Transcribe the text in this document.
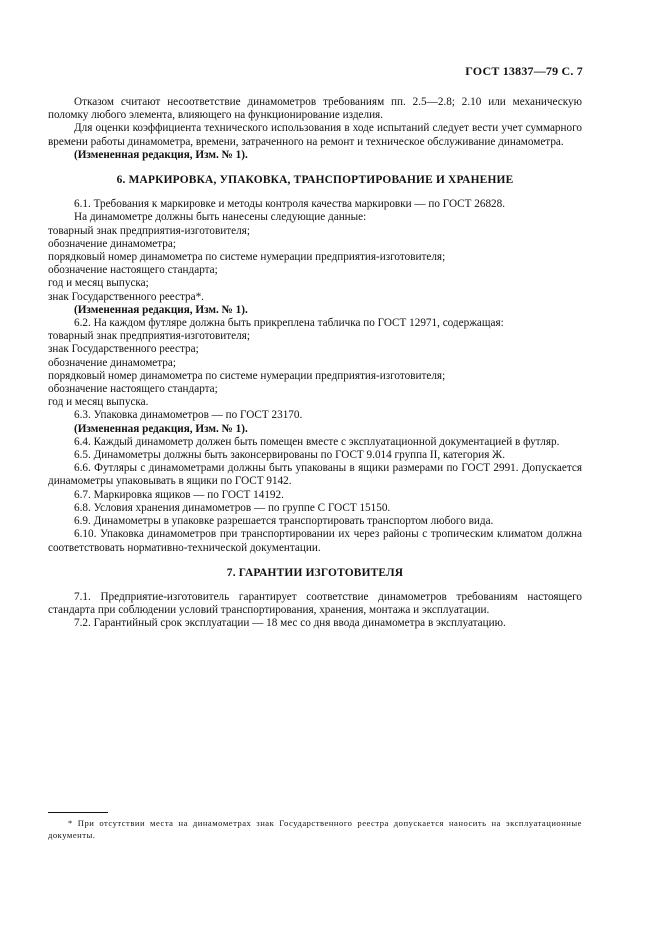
ГОСТ 13837—79 С. 7

Отказом считают несоответствие динамометров требованиям пп. 2.5—2.8; 2.10 или механическую поломку любого элемента, влияющего на функционирование изделия.

Для оценки коэффициента технического использования в ходе испытаний следует вести учет суммарного времени работы динамометра, времени, затраченного на ремонт и техническое обслуживание динамометра.

(Измененная редакция, Изм. № 1).

6. МАРКИРОВКА, УПАКОВКА, ТРАНСПОРТИРОВАНИЕ И ХРАНЕНИЕ

6.1. Требования к маркировке и методы контроля качества маркировки — по ГОСТ 26828.

На динамометре должны быть нанесены следующие данные:

товарный знак предприятия-изготовителя;

обозначение динамометра;

порядковый номер динамометра по системе нумерации предприятия-изготовителя;

обозначение настоящего стандарта;

год и месяц выпуска;

знак Государственного реестра*.

(Измененная редакция, Изм. № 1).

6.2. На каждом футляре должна быть прикреплена табличка по ГОСТ 12971, содержащая:

товарный знак предприятия-изготовителя;

знак Государственного реестра;

обозначение динамометра;

порядковый номер динамометра по системе нумерации предприятия-изготовителя;

обозначение настоящего стандарта;

год и месяц выпуска.

6.3. Упаковка динамометров — по ГОСТ 23170.

(Измененная редакция, Изм. № 1).

6.4. Каждый динамометр должен быть помещен вместе с эксплуатационной документацией в футляр.

6.5. Динамометры должны быть законсервированы по ГОСТ 9.014 группа II, категория Ж.

6.6. Футляры с динамометрами должны быть упакованы в ящики размерами по ГОСТ 2991. Допускается динамометры упаковывать в ящики по ГОСТ 9142.

6.7. Маркировка ящиков — по ГОСТ 14192.

6.8. Условия хранения динамометров — по группе С ГОСТ 15150.

6.9. Динамометры в упаковке разрешается транспортировать транспортом любого вида.

6.10. Упаковка динамометров при транспортировании их через районы с тропическим климатом должна соответствовать нормативно-технической документации.

7. ГАРАНТИИ ИЗГОТОВИТЕЛЯ

7.1. Предприятие-изготовитель гарантирует соответствие динамометров требованиям настоящего стандарта при соблюдении условий транспортирования, хранения, монтажа и эксплуатации.

7.2. Гарантийный срок эксплуатации — 18 мес со дня ввода динамометра в эксплуатацию.

* При отсутствии места на динамометрах знак Государственного реестра допускается наносить на эксплуатационные документы.
